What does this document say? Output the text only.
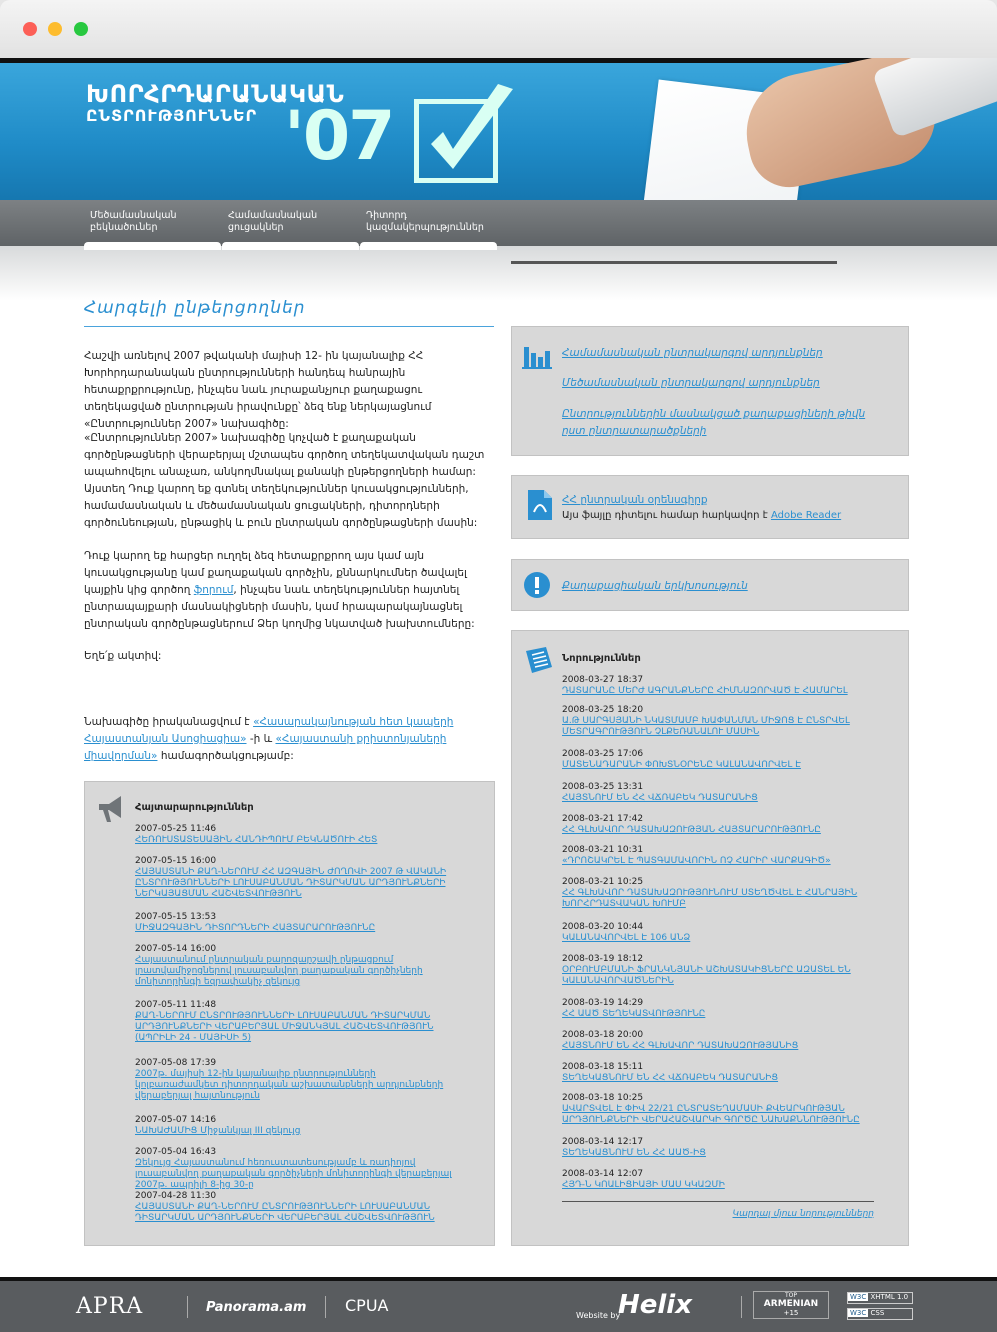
ԽՈՐՀՐԴԱՐԱՆԱԿԱՆ
ԸՆՏՐՈՒԹՅՈՒՆՆԵՐ '07
Մեծամասնական բեկնածուներ
Համամասնական ցուցակներ
Դիտորդ կազմակերպություններ
Հարգելի ընթերցողներ
Հաշվի առնելով 2007 թվականի մայիսի 12- ին կայանալիք ՀՀ Խորհրդարանական ընտրությունների հանդեպ հանրային հետաքրքրությունը, ինչպես նաև յուրաքանչյուր քաղաքացու տեղեկացված ընտրության իրավունքը՝ ձեզ ենք ներկայացնում «Ընտրություններ 2007» նախագիծը:
«Ընտրություններ 2007» նախագիծը կոչված է քաղաքական գործընթացների վերաբերյալ մշտապես գործող տեղեկատվական դաշտ ապահովելու անաչառ, անկողմնակալ քանակի ընթերցողների համար: Այստեղ Դուք կարող եք գտնել տեղեկություններ կուսակցությունների, համամասնական և մեծամասնական ցուցակների, դիտորդների գործունեության, ընթացիկ և բուն ընտրական գործընթացների մասին:
Դուք կարող եք հարցեր ուղղել ձեզ հետաքրքրող այս կամ այն կուսակցությանը կամ քաղաքական գործչին, քննարկումներ ծավալել կայքին կից գործող ֆորում, ինչպես նաև տեղեկություններ հայտնել ընտրապայքարի մասնակիցների մասին, կամ հրապարակայնացնել ընտրական գործընթացներում Ձեր կողմից նկատված խախտումները:
Եղե՛ք ակտիվ:
Նախագիծը իրականացվում է «Հասարակայնության հետ կապերի Հայաստանյան Ասոցիացիա» -ի և «Հայաստանի քրիստոնյաների միավորման» համագործակցությամբ:
Հայտարարություններ
2007-05-25 11:46
ՀԵՌՈՒՍՏԱՏԵՍԱՅԻՆ ՀԱՆԴԻՊՈՒՄ ԲԵԿՆԱԾՈՒԻ ՀԵՏ
2007-05-15 16:00
ՀԱՅԱՍՏԱՆԻ ՔԱՂ-ՆԵՐՈՒՄ ՀՀ ԱԶԳԱՅԻՆ ԺՈՂՈՎԻ 2007 Թ ՎԱԿԱՆԻ ԸՆՏՐՈՒԹՅՈՒՆՆԵՐԻ ԼՈՒՍԱԲԱՆՄԱՆ ԴԻՏԱՐԿՄԱՆ ԱՐԴՅՈՒՆՔՆԵՐԻ ՆԵՐԿԱՅԱՑՄԱՆ ՀԱՇՎԵՏՎՈՒԹՅՈՒՆ
2007-05-15 13:53
ՄԻՋԱԶԳԱՅԻՆ ԴԻՏՈՐԴՆԵՐԻ ՀԱՅՏԱՐԱՐՈՒԹՅՈՒՆԸ
2007-05-14 16:00
Հայաստանում ընտրական քարոզարշավի ընթացքում լրատվամիջոցներով լուսաբանվող քաղաքական գործիչների մոնիտորինգի եզրափակիչ զեկույց
2007-05-11 11:48
ՔԱՂ-ՆԵՐՈՒՄ ԸՆՏՐՈՒԹՅՈՒՆՆԵՐԻ ԼՈՒՍԱԲԱՆՄԱՆ ԴԻՏԱՐԿՄԱՆ ԱՐԴՅՈՒՆՔՆԵՐԻ ՎԵՐԱԲԵՐՅԱԼ ՄԻՋԱՆԿՅԱԼ ՀԱՇՎԵՏՎՈՒԹՅՈՒՆ (ԱՊՐԻԼԻ 24 - ՄԱՅԻՍԻ 5)
2007-05-08 17:39
2007թ. մայիսի 12-ին կայանալիք ընտրությունների կոլբառաժամկետ դիտորդական աշխատանքների արդյունքների վերաբերյալ հայտնություն
2007-05-07 14:16
ՆԱԽԱԺԱՄԻՑ Միջանկյալ III զեկույց
2007-05-04 16:43
Զեկույց Հայաստանում հեռուստատեսությամբ և ռադիոյով լուսաբանվող քաղաքական գործիչների մոնիտորինգի վերաբերյալ 2007թ. ապրիլի 8-ից 30-ը
2007-04-28 11:30
ՀԱՅԱՍՏԱՆԻ ՔԱՂ-ՆԵՐՈՒՄ ԸՆՏՐՈՒԹՅՈՒՆՆԵՐԻ ԼՈՒՍԱԲԱՆՄԱՆ ԴԻՏԱՐԿՄԱՆ ԱՐԴՅՈՒՆՔՆԵՐԻ ՎԵՐԱԲԵՐՅԱԼ ՀԱՇՎԵՏՎՈՒԹՅՈՒՆ
Համամասնական ընտրակարգով արդյունքներ
Մեծամասնական ընտրակարգով արդյունքներ
Ընտրություններին մասնակցած քաղաքացիների թիվն ըստ ընտրատարածքների
ՀՀ ընտրական օրենսգիրք
Այս ֆայլը դիտելու համար հարկավոր է Adobe Reader
Քաղաքացիական երկխոսություն
Նորություններ
2008-03-27 18:37
ԴԱՏԱՐԱՆԸ ՄԵՐԺ ԱԳՐԱՆՔՆԵՐԸ ՀԻՄՆԱԶՈՐՎԱԾ Է ՀԱՄԱՐԵԼ
2008-03-25 18:20
Ա.Թ ՍԱՐԳՍՅԱՆԻ ՆԿԱՏՄԱՄԲ ԽԱՓԱՆՄԱՆ ՄԻՋՈՑ Է ԸՆՏՐՎԵԼ ՄԵՏՐԱԳՐՈՒԹՅՈՒՆ ՉԼՔԵՌԱՆԱԼՈՒ ՄԱՍԻՆ
2008-03-25 17:06
ՄԱՏԵՆԱԴԱՐԱՆԻ ՓՈԽՏՆՕՐԵՆԸ ԿԱԼԱՆԱՎՈՐՎԵԼ Է
2008-03-25 13:31
ՀԱՅՏՆՈՒՄ ԵՆ ՀՀ ՎՃՌԱԲԵԿ ԴԱՏԱՐԱՆԻՑ
2008-03-21 17:42
ՀՀ ԳԼԽԱՎՈՐ ԴԱՏԱԽԱԶՈՒԹՅԱՆ ՀԱՅՏԱՐԱՐՈՒԹՅՈՒՆԸ
2008-03-21 10:31
«ԴՐՈՇԱԿՐԵԼ Է ՊԱՏԳԱՄԱՎՈՐԻՆ ՈՉ ՀԱՐԻՐ ՎԱՐՔԱԳԻԾ»
2008-03-21 10:25
ՀՀ ԳԼԽԱՎՈՐ ԴԱՏԱԽԱԶՈՒԹՅՈՒՆՈՒՄ ՍՏԵՂԾՎԵԼ Է ՀԱՆՐԱՅԻՆ ԽՈՐՀՐԴԱՏՎԱԿԱՆ ԽՈՒՄԲ
2008-03-20 10:44
ԿԱԼԱՆԱՎՈՐՎԵԼ Է 106 ԱՆՁ
2008-03-19 18:12
ՕՐԲՈՒՄԲՄԱՆԻ ՖՐԱՆԿՆՅԱՆԻ ԱՇԽԱՏԱԿԻՑՆԵՐԸ ԱԶԱՏԵԼ ԵՆ ԿԱԼԱՆԱՎՈՐՎԱԾՆԵՐԻՆ
2008-03-19 14:29
ՀՀ ԱԱԾ ՏԵՂԵԿԱՏՎՈՒԹՅՈՒՆԸ
2008-03-18 20:00
ՀԱՅՏՆՈՒՄ ԵՆ ՀՀ ԳԼԽԱՎՈՐ ԴԱՏԱԽԱԶՈՒԹՅԱՆԻՑ
2008-03-18 15:11
ՏԵՂԵԿԱՑՆՈՒՄ ԵՆ ՀՀ ՎՃՌԱԲԵԿ ԴԱՏԱՐԱՆԻՑ
2008-03-18 10:25
ԱՎԱՐՏՎԵԼ Է ՓԻՎ 22/21 ԸՆՏՐԱՏԵՂԱՄԱՍԻ ՔՎԵԱՐԿՈՒԹՅԱՆ ԱՐԴՅՈՒՆՔՆԵՐԻ ՎԵՐԱՀԱՇՎԱՐԿԻ ԳՈՐԾԸ ՆԱԽԱՔՆՆՈՒԹՅՈՒՆԸ
2008-03-14 12:17
ՏԵՂԵԿԱՑՆՈՒՄ ԵՆ ՀՀ ԱԱԾ-ԻՑ
2008-03-14 12:07
ՀՅԴ-Ն ԿՈԱԼԻՑԻԱՅԻ ՄԱՍ ԿԿԱԶՄԻ
Կարդալ մյուս նորությունները
APRA	Panorama.am CPUA
Website by
Helix	TOP
ARMENIAN
+15
W3C XHTML 1.0
W3C CSS
